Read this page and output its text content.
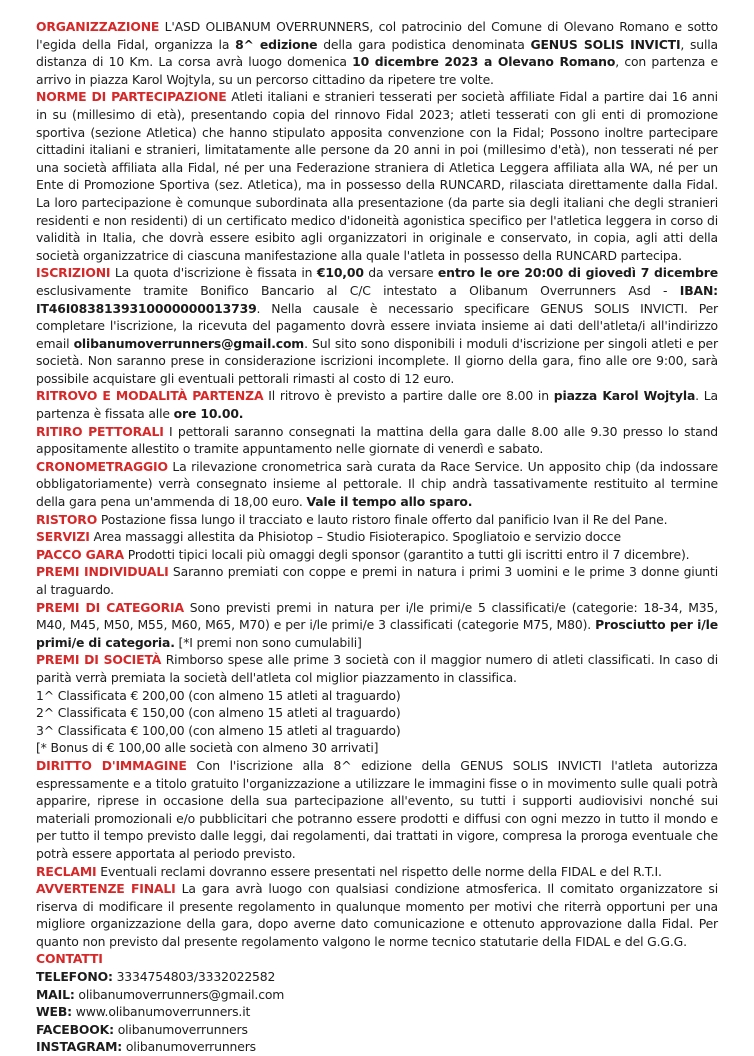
ORGANIZZAZIONE L'ASD OLIBANUM OVERRUNNERS, col patrocinio del Comune di Olevano Romano e sotto l'egida della Fidal, organizza la 8^ edizione della gara podistica denominata GENUS SOLIS INVICTI, sulla distanza di 10 Km. La corsa avrà luogo domenica 10 dicembre 2023 a Olevano Romano, con partenza e arrivo in piazza Karol Wojtyla, su un percorso cittadino da ripetere tre volte.

NORME DI PARTECIPAZIONE Atleti italiani e stranieri tesserati per società affiliate Fidal a partire dai 16 anni in su (millesimo di età), presentando copia del rinnovo Fidal 2023; atleti tesserati con gli enti di promozione sportiva (sezione Atletica) che hanno stipulato apposita convenzione con la Fidal; Possono inoltre partecipare cittadini italiani e stranieri, limitatamente alle persone da 20 anni in poi (millesimo d'età), non tesserati né per una società affiliata alla Fidal, né per una Federazione straniera di Atletica Leggera affiliata alla WA, né per un Ente di Promozione Sportiva (sez. Atletica), ma in possesso della RUNCARD, rilasciata direttamente dalla Fidal. La loro partecipazione è comunque subordinata alla presentazione (da parte sia degli italiani che degli stranieri residenti e non residenti) di un certificato medico d'idoneità agonistica specifico per l'atletica leggera in corso di validità in Italia, che dovrà essere esibito agli organizzatori in originale e conservato, in copia, agli atti della società organizzatrice di ciascuna manifestazione alla quale l'atleta in possesso della RUNCARD partecipa.

ISCRIZIONI La quota d'iscrizione è fissata in €10,00 da versare entro le ore 20:00 di giovedì 7 dicembre esclusivamente tramite Bonifico Bancario al C/C intestato a Olibanum Overrunners Asd - IBAN: IT46I0838139310000000013739. Nella causale è necessario specificare GENUS SOLIS INVICTI. Per completare l'iscrizione, la ricevuta del pagamento dovrà essere inviata insieme ai dati dell'atleta/i all'indirizzo email olibanumoverrunners@gmail.com. Sul sito sono disponibili i moduli d'iscrizione per singoli atleti e per società. Non saranno prese in considerazione iscrizioni incomplete. Il giorno della gara, fino alle ore 9:00, sarà possibile acquistare gli eventuali pettorali rimasti al costo di 12 euro.

RITROVO E MODALITÀ PARTENZA Il ritrovo è previsto a partire dalle ore 8.00 in piazza Karol Wojtyla. La partenza è fissata alle ore 10.00.

RITIRO PETTORALI I pettorali saranno consegnati la mattina della gara dalle 8.00 alle 9.30 presso lo stand appositamente allestito o tramite appuntamento nelle giornate di venerdì e sabato.

CRONOMETRAGGIO La rilevazione cronometrica sarà curata da Race Service. Un apposito chip (da indossare obbligatoriamente) verrà consegnato insieme al pettorale. Il chip andrà tassativamente restituito al termine della gara pena un'ammenda di 18,00 euro. Vale il tempo allo sparo.

RISTORO Postazione fissa lungo il tracciato e lauto ristoro finale offerto dal panificio Ivan il Re del Pane.

SERVIZI Area massaggi allestita da Phisiotop – Studio Fisioterapico. Spogliatoio e servizio docce

PACCO GARA Prodotti tipici locali più omaggi degli sponsor (garantito a tutti gli iscritti entro il 7 dicembre).

PREMI INDIVIDUALI Saranno premiati con coppe e premi in natura i primi 3 uomini e le prime 3 donne giunti al traguardo.

PREMI DI CATEGORIA Sono previsti premi in natura per i/le primi/e 5 classificati/e (categorie: 18-34, M35, M40, M45, M50, M55, M60, M65, M70) e per i/le primi/e 3 classificati (categorie M75, M80). Prosciutto per i/le primi/e di categoria. [*I premi non sono cumulabili]

PREMI DI SOCIETÀ Rimborso spese alle prime 3 società con il maggior numero di atleti classificati. In caso di parità verrà premiata la società dell'atleta col miglior piazzamento in classifica.

1^ Classificata € 200,00 (con almeno 15 atleti al traguardo)
2^ Classificata € 150,00 (con almeno 15 atleti al traguardo)
3^ Classificata € 100,00 (con almeno 15 atleti al traguardo)
[* Bonus di € 100,00 alle società con almeno 30 arrivati]

DIRITTO D'IMMAGINE Con l'iscrizione alla 8^ edizione della GENUS SOLIS INVICTI l'atleta autorizza espressamente e a titolo gratuito l'organizzazione a utilizzare le immagini fisse o in movimento sulle quali potrà apparire, riprese in occasione della sua partecipazione all'evento, su tutti i supporti audiovisivi nonché sui materiali promozionali e/o pubblicitari che potranno essere prodotti e diffusi con ogni mezzo in tutto il mondo e per tutto il tempo previsto dalle leggi, dai regolamenti, dai trattati in vigore, compresa la proroga eventuale che potrà essere apportata al periodo previsto.

RECLAMI Eventuali reclami dovranno essere presentati nel rispetto delle norme della FIDAL e del R.T.I.

AVVERTENZE FINALI La gara avrà luogo con qualsiasi condizione atmosferica. Il comitato organizzatore si riserva di modificare il presente regolamento in qualunque momento per motivi che riterrà opportuni per una migliore organizzazione della gara, dopo averne dato comunicazione e ottenuto approvazione dalla Fidal. Per quanto non previsto dal presente regolamento valgono le norme tecnico statutarie della FIDAL e del G.G.G.

CONTATTI
TELEFONO: 3334754803/3332022582
MAIL: olibanumoverrunners@gmail.com
WEB: www.olibanumoverrunners.it
FACEBOOK: olibanumoverrunners
INSTAGRAM: olibanumoverrunners
